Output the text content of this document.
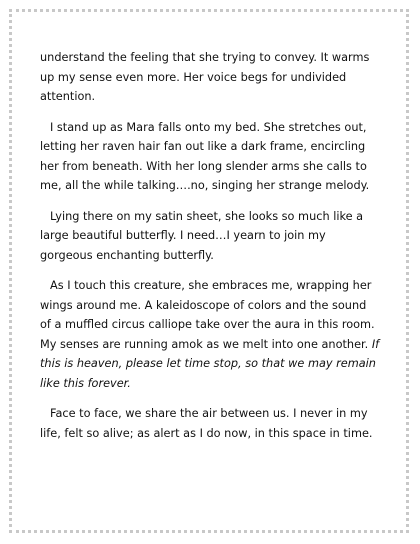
understand the feeling that she trying to convey. It warms up my sense even more. Her voice begs for undivided attention.

I stand up as Mara falls onto my bed. She stretches out, letting her raven hair fan out like a dark frame, encircling her from beneath. With her long slender arms she calls to me, all the while talking….no, singing her strange melody.

Lying there on my satin sheet, she looks so much like a large beautiful butterfly. I need…I yearn to join my gorgeous enchanting butterfly.

As I touch this creature, she embraces me, wrapping her wings around me. A kaleidoscope of colors and the sound of a muffled circus calliope take over the aura in this room. My senses are running amok as we melt into one another. If this is heaven, please let time stop, so that we may remain like this forever.

Face to face, we share the air between us. I never in my life, felt so alive; as alert as I do now, in this space in time.
